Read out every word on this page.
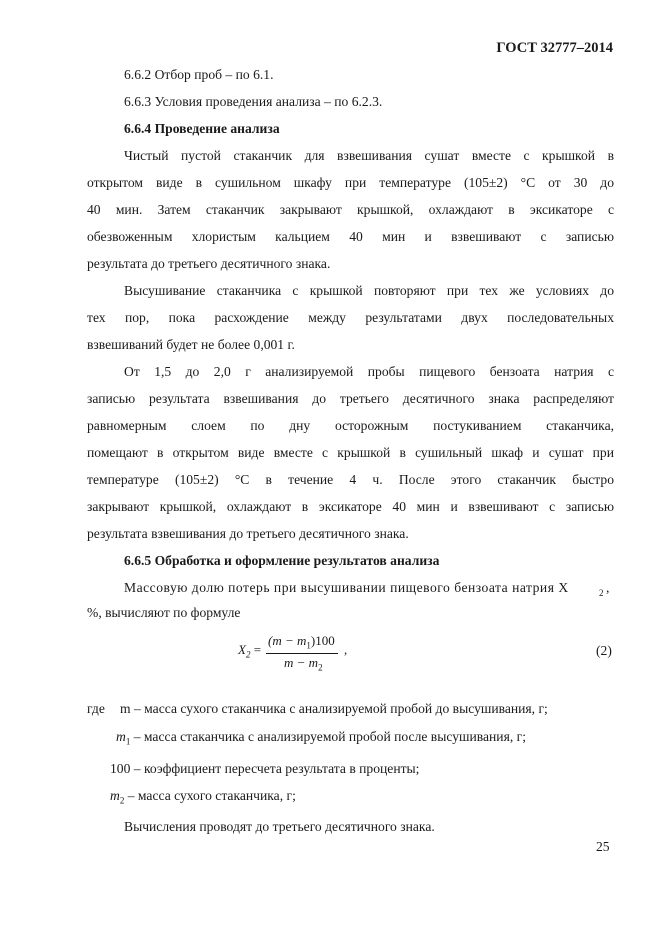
ГОСТ 32777–2014
6.6.2 Отбор проб – по 6.1.
6.6.3 Условия проведения анализа – по 6.2.3.
6.6.4 Проведение анализа
Чистый пустой стаканчик для взвешивания сушат вместе с крышкой в
открытом виде в сушильном шкафу при температуре (105±2) °С от 30 до
40 мин. Затем стаканчик закрывают крышкой, охлаждают в эксикаторе с
обезвоженным хлористым кальцием 40 мин и взвешивают с записью
результата до третьего десятичного знака.
Высушивание стаканчика с крышкой повторяют при тех же условиях до
тех пор, пока расхождение между результатами двух последовательных
взвешиваний будет не более 0,001 г.
От 1,5 до 2,0 г анализируемой пробы пищевого бензоата натрия с
записью результата взвешивания до третьего десятичного знака распределяют
равномерным слоем по дну осторожным постукиванием стаканчика,
помещают в открытом виде вместе с крышкой в сушильный шкаф и сушат при
температуре (105±2) °С в течение 4 ч. После этого стаканчик быстро
закрывают крышкой, охлаждают в эксикаторе 40 мин и взвешивают с записью
результата взвешивания до третьего десятичного знака.
6.6.5 Обработка и оформление результатов анализа
Массовую долю потерь при высушивании пищевого бензоата натрия X	2 ,
%, вычисляют по формуле
$X_2$ =
$(m - m_1)100$
$m - m_2$
,	(2)
где m – масса сухого стаканчика с анализируемой пробой до высушивания, г;
$m_1$ – масса стаканчика с анализируемой пробой после высушивания, г;
100 – коэффициент пересчета результата в проценты;
$m_2$ – масса сухого стаканчика, г;
Вычисления проводят до третьего десятичного знака.
25
